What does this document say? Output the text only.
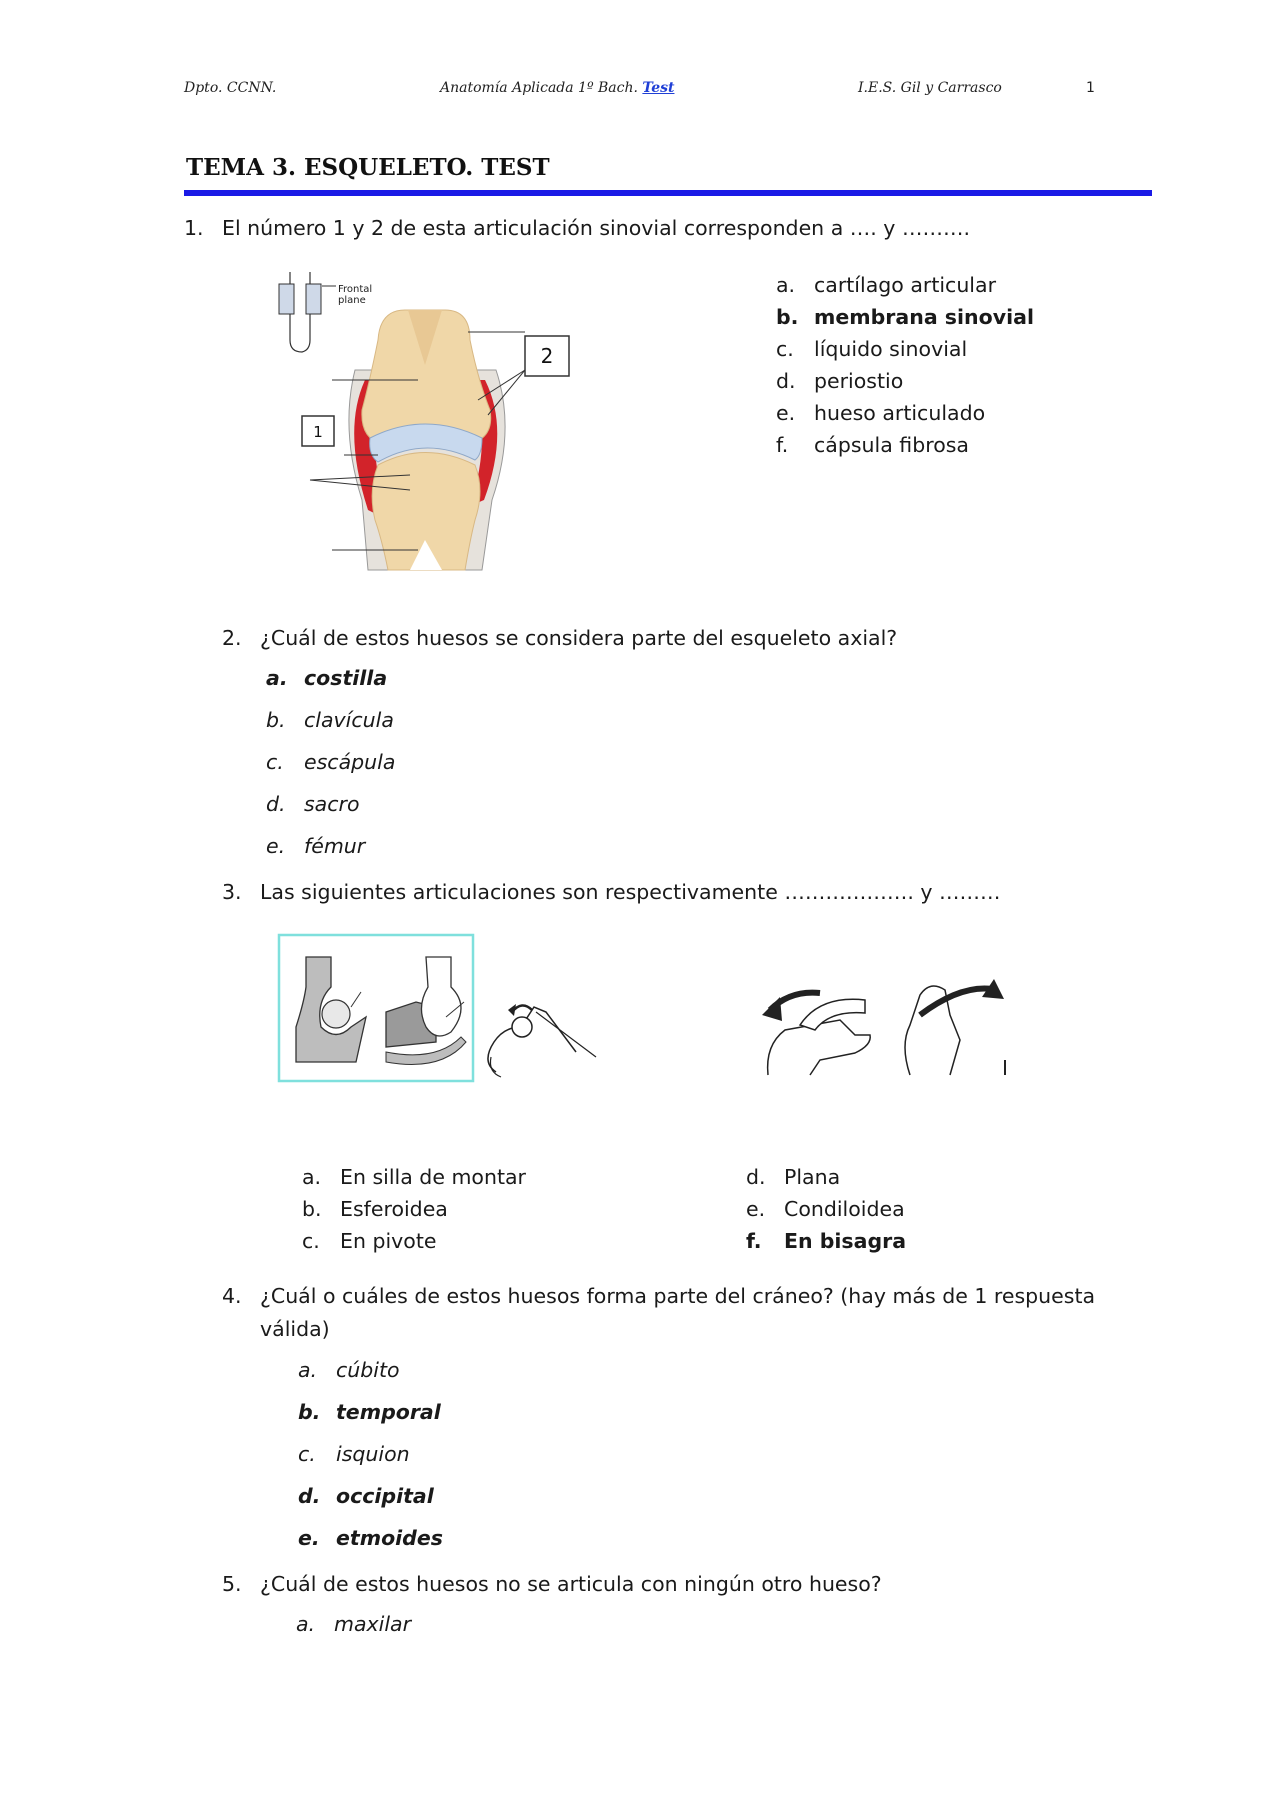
Dpto. CCNN.	Anatomía Aplicada 1º Bach. Test	I.E.S. Gil y Carrasco	1
TEMA 3. ESQUELETO. TEST
1. El número 1 y 2 de esta articulación sinovial corresponden a …. y ……….
Frontal
plane
2
1
a. cartílago articular
b. membrana sinovial
c. líquido sinovial
d. periostio
e. hueso articulado
f. cápsula fibrosa
2. ¿Cuál de estos huesos se considera parte del esqueleto axial?
a. costilla
b. clavícula
c. escápula
d. sacro
e. fémur
3. Las siguientes articulaciones son respectivamente ………………. y ………
a. En silla de montar
b. Esferoidea
c. En pivote
d. Plana
e. Condiloidea
f. En bisagra
4. ¿Cuál o cuáles de estos huesos forma parte del cráneo? (hay más de 1 respuesta
válida)
a. cúbito
b. temporal
c. isquion
d. occipital
e. etmoides
5. ¿Cuál de estos huesos no se articula con ningún otro hueso?
a. maxilar
